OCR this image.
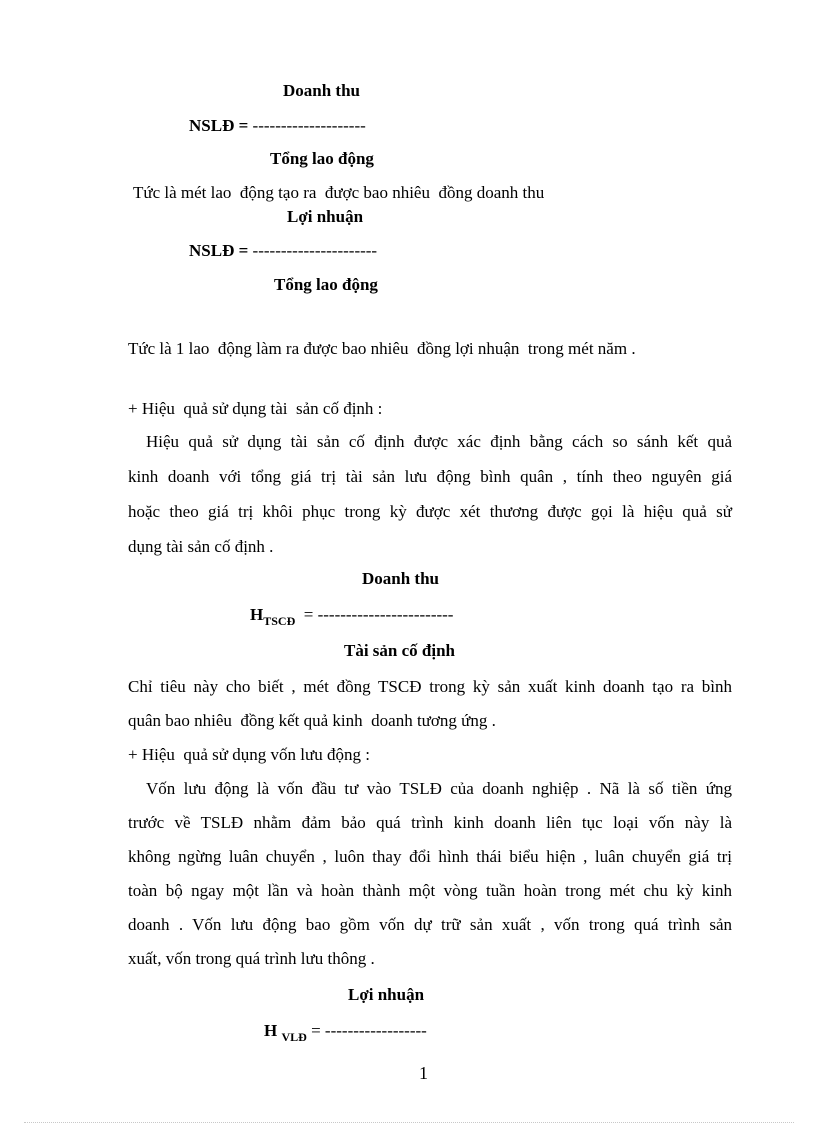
Doanh thu
NSLĐ = --------------------
Tổng lao động
Tức là mét lao  động tạo ra  được bao nhiêu  đồng doanh thu
Lợi nhuận
NSLĐ = ----------------------
Tổng lao động
Tức là 1 lao  động làm ra được bao nhiêu  đồng lợi nhuận  trong mét năm .
+ Hiệu  quả sử dụng tài  sản cố định :
Hiệu quả sử dụng tài sản cố định được xác định bằng cách so sánh kết quả
kinh doanh với tổng giá trị tài sản lưu động bình quân , tính theo nguyên giá
hoặc theo giá trị khôi phục trong kỳ được xét thương được gọi là hiệu quả sử
dụng tài sản cố định .
Doanh thu
$H_{TSCĐ}$ = ------------------------
Tài sản cố định
Chỉ tiêu này cho biết , mét đồng TSCĐ trong kỳ sản xuất kinh doanh tạo ra bình
quân bao nhiêu  đồng kết quả kinh  doanh tương ứng .
+ Hiệu  quả sử dụng vốn lưu động :
Vốn lưu động là vốn đầu tư vào TSLĐ của doanh nghiệp . Nã là số tiền ứng
trước về TSLĐ nhằm đảm bảo quá trình kinh doanh liên tục loại vốn này là
không ngừng luân chuyển , luôn thay đổi hình thái biểu hiện , luân chuyển giá trị
toàn bộ ngay một lần và hoàn thành một vòng tuần hoàn trong mét chu kỳ kinh
doanh . Vốn lưu động bao gồm vốn dự trữ sản xuất , vốn trong quá trình sản
xuất, vốn trong quá trình lưu thông .
Lợi nhuận
H $_{VLĐ}$ = ------------------
1
